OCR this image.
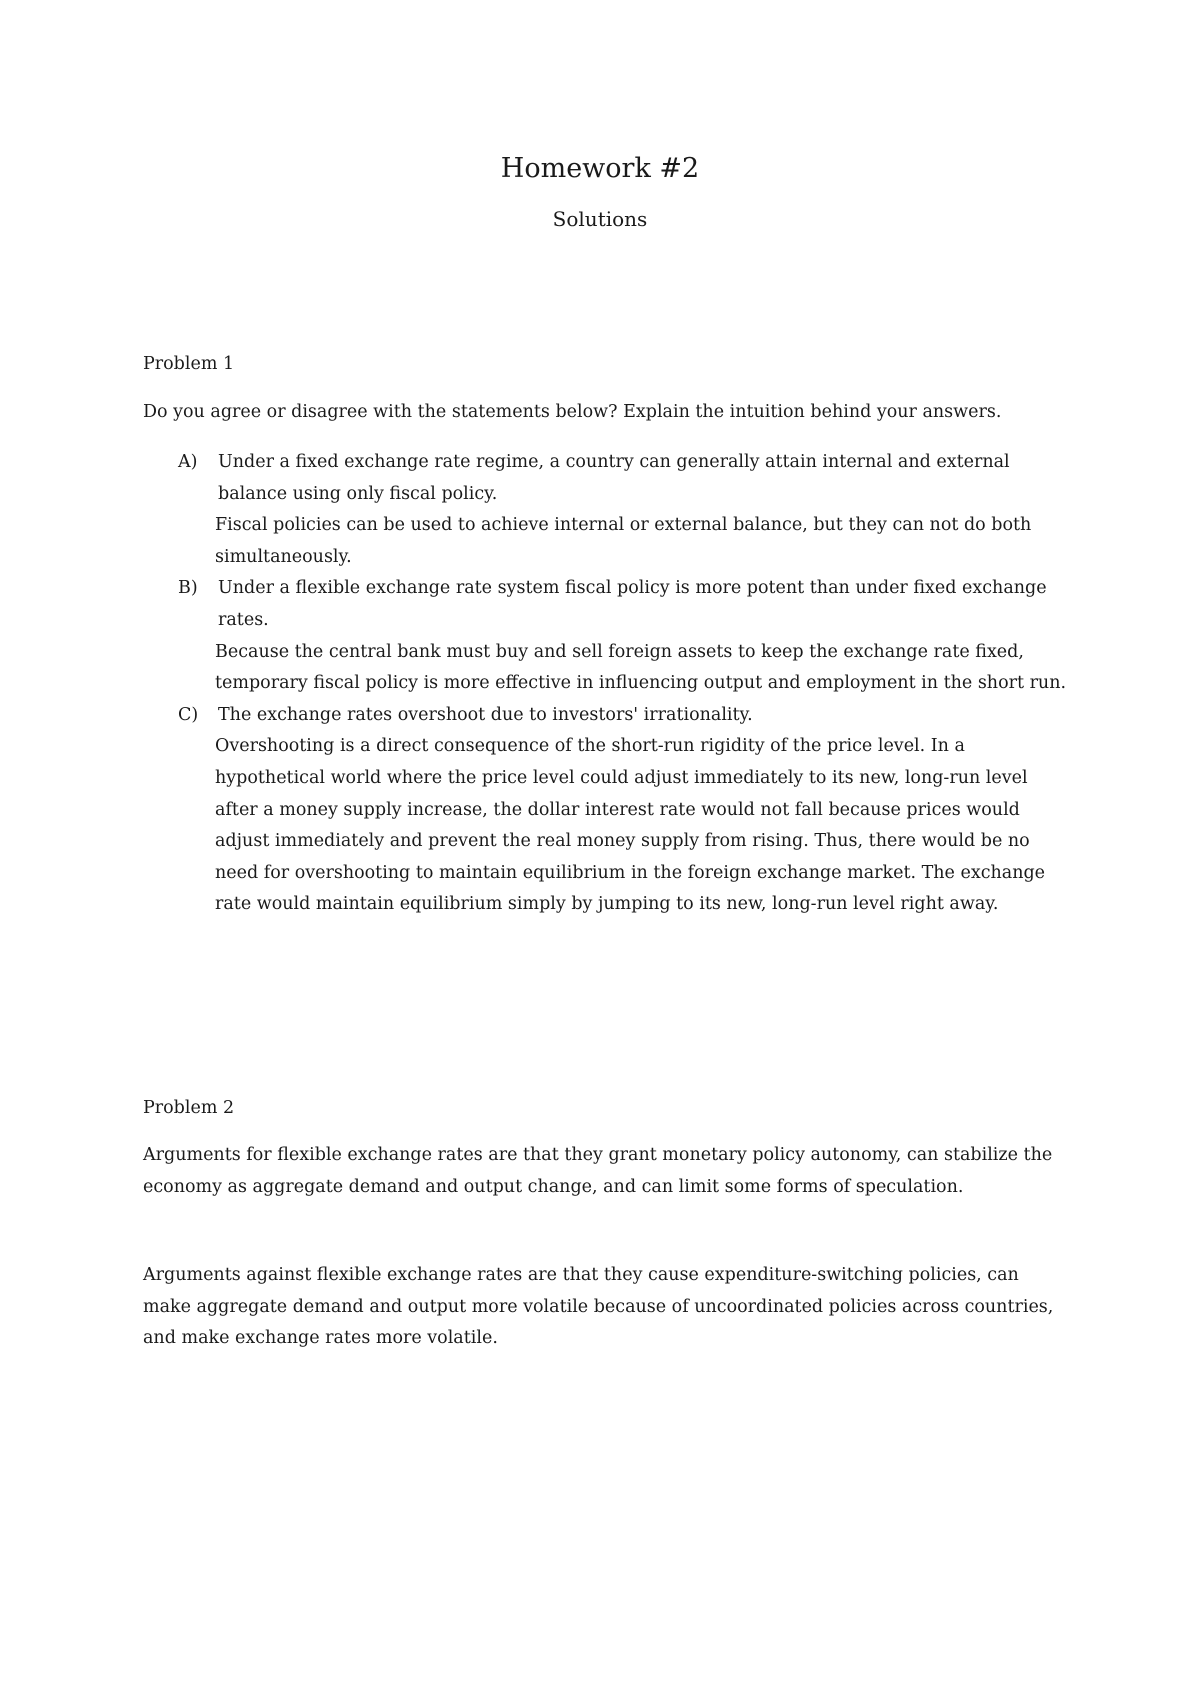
Homework #2
Solutions
Problem 1
Do you agree or disagree with the statements below? Explain the intuition behind your answers.
A) Under a fixed exchange rate regime, a country can generally attain internal and external balance using only fiscal policy.

Fiscal policies can be used to achieve internal or external balance, but they can not do both simultaneously.

B) Under a flexible exchange rate system fiscal policy is more potent than under fixed exchange rates.

Because the central bank must buy and sell foreign assets to keep the exchange rate fixed, temporary fiscal policy is more effective in influencing output and employment in the short run.

C) The exchange rates overshoot due to investors' irrationality.

Overshooting is a direct consequence of the short-run rigidity of the price level. In a hypothetical world where the price level could adjust immediately to its new, long-run level after a money supply increase, the dollar interest rate would not fall because prices would adjust immediately and prevent the real money supply from rising. Thus, there would be no need for overshooting to maintain equilibrium in the foreign exchange market. The exchange rate would maintain equilibrium simply by jumping to its new, long-run level right away.

Problem 2

Arguments for flexible exchange rates are that they grant monetary policy autonomy, can stabilize the economy as aggregate demand and output change, and can limit some forms of speculation.

Arguments against flexible exchange rates are that they cause expenditure-switching policies, can make aggregate demand and output more volatile because of uncoordinated policies across countries, and make exchange rates more volatile.
